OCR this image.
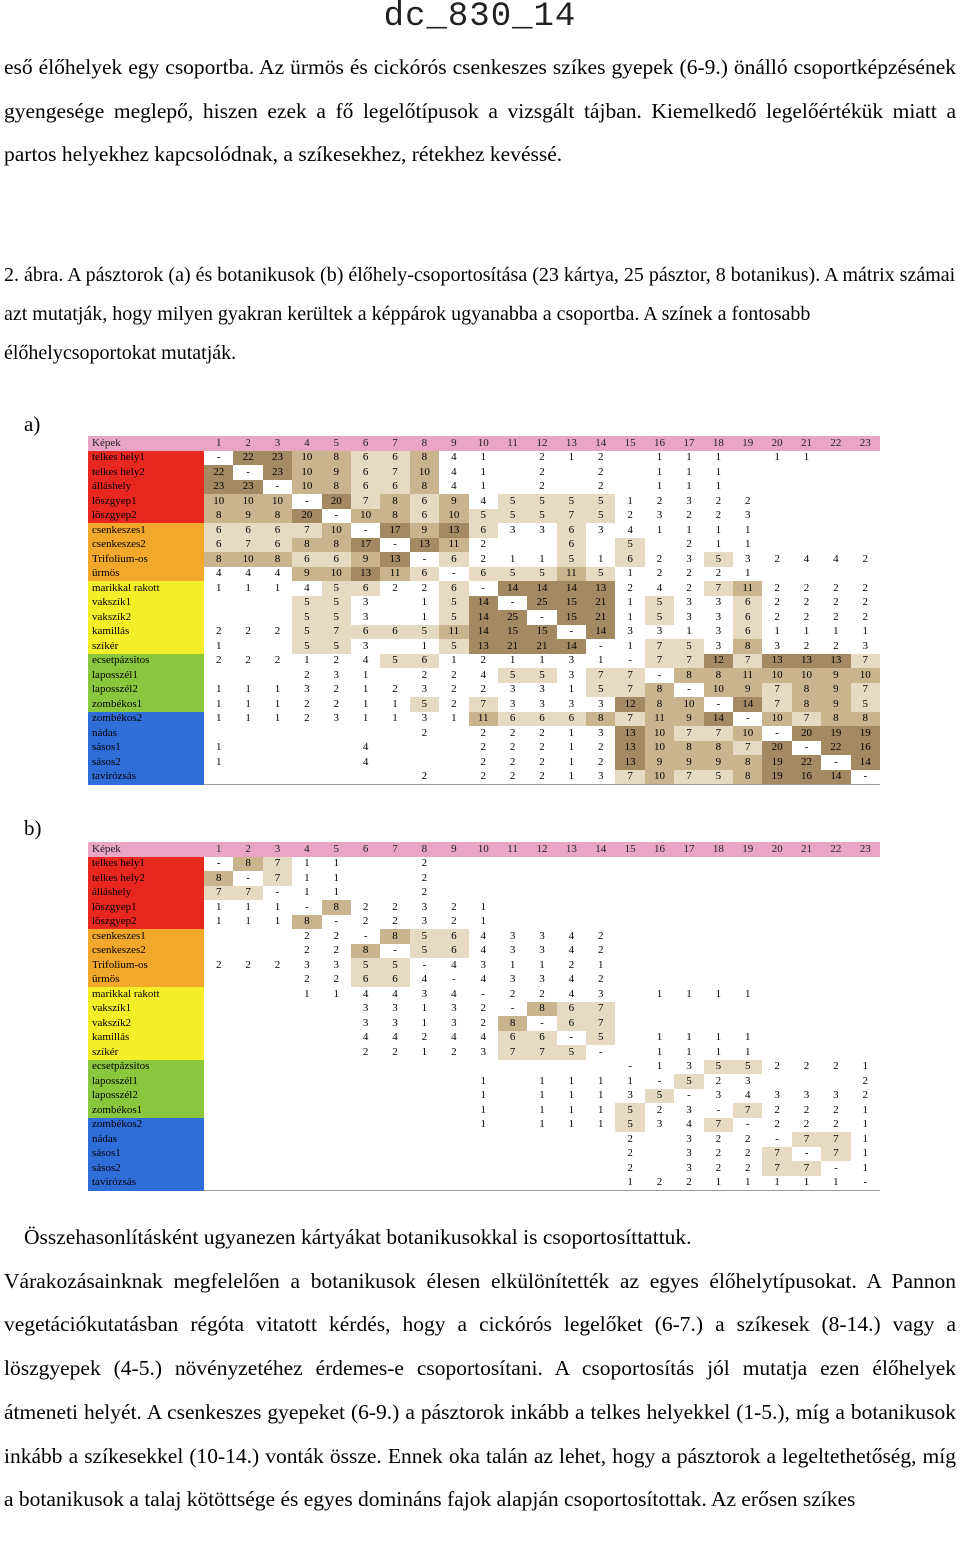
dc_830_14
eső élőhelyek egy csoportba. Az ürmös és cickórós csenkeszes szíkes gyepek (6-9.) önálló csoportképzésének gyengesége meglepő, hiszen ezek a fő legelőtípusok a vizsgált tájban. Kiemelkedő legelőértékük miatt a partos helyekhez kapcsolódnak, a szíkesekhez, rétekhez kevéssé.
2. ábra. A pásztorok (a) és botanikusok (b) élőhely-csoportosítása (23 kártya, 25 pásztor, 8 botanikus). A mátrix számai azt mutatják, hogy milyen gyakran kerültek a képpárok ugyanabba a csoportba. A színek a fontosabb élőhelycsoportokat mutatják.
a)
Képek	1	2	3	4	5	6	7	8	9	10	11	12	13	14	15	16	17	18	19	20	21	22	23
telkes hely1	-	22	23	10	8	6	6	8	4	1		2	1	2		1	1	1		1	1		
telkes hely2	22	-	23	10	9	6	7	10	4	1		2		2		1	1	1					
álláshely	23	23	-	10	8	6	6	8	4	1		2		2		1	1	1					
löszgyep1	10	10	10	-	20	7	8	6	9	4	5	5	5	5	1	2	3	2	2				
löszgyep2	8	9	8	20	-	10	8	6	10	5	5	5	7	5	2	3	2	2	3				
csenkeszes1	6	6	6	7	10	-	17	9	13	6	3	3	6	3	4	1	1	1	1				
csenkeszes2	6	7	6	8	8	17	-	13	11	2			6		5		2	1	1				
Trifolium-os	8	10	8	6	6	9	13	-	6	2	1	1	5	1	6	2	3	5	3	2	4	4	2
ürmös	4	4	4	9	10	13	11	6	-	6	5	5	11	5	1	2	2	2	1				
marikkal rakott	1	1	1	4	5	6	2	2	6	-	14	14	14	13	2	4	2	7	11	2	2	2	2
vakszík1				5	5	3		1	5	14	-	25	15	21	1	5	3	3	6	2	2	2	2
vakszík2				5	5	3		1	5	14	25	-	15	21	1	5	3	3	6	2	2	2	2
kamillás	2	2	2	5	7	6	6	5	11	14	15	15	-	14	3	3	1	3	6	1	1	1	1
szíkér	1			5	5	3		1	5	13	21	21	14	-	1	7	5	3	8	3	2	2	3
ecsetpázsitos	2	2	2	1	2	4	5	6	1	2	1	1	3	1	-	7	7	12	7	13	13	13	7
laposszél1				2	3	1		2	2	4	5	5	3	7	7	-	8	8	11	10	10	9	10
laposszél2	1	1	1	3	2	1	2	3	2	2	3	3	1	5	7	8	-	10	9	7	8	9	7
zombékos1	1	1	1	2	2	1	1	5	2	7	3	3	3	3	12	8	10	-	14	7	8	9	5
zombékos2	1	1	1	2	3	1	1	3	1	11	6	6	6	8	7	11	9	14	-	10	7	8	8
nádas								2		2	2	2	1	3	13	10	7	7	10	-	20	19	19
sásos1	1					4				2	2	2	1	2	13	10	8	8	7	20	-	22	16
sásos2	1					4				2	2	2	1	2	13	9	9	9	8	19	22	-	14
tavirózsás								2		2	2	2	1	3	7	10	7	5	8	19	16	14	-
b)
Képek	1	2	3	4	5	6	7	8	9	10	11	12	13	14	15	16	17	18	19	20	21	22	23
telkes hely1	-	8	7	1	1			2															
telkes hely2	8	-	7	1	1			2															
álláshely	7	7	-	1	1			2															
löszgyep1	1	1	1	-	8	2	2	3	2	1													
löszgyep2	1	1	1	8	-	2	2	3	2	1													
csenkeszes1				2	2	-	8	5	6	4	3	3	4	2									
csenkeszes2				2	2	8	-	5	6	4	3	3	4	2									
Trifolium-os	2	2	2	3	3	5	5	-	4	3	1	1	2	1									
ürmös				2	2	6	6	4	-	4	3	3	4	2									
marikkal rakott				1	1	4	4	3	4	-	2	2	4	3		1	1	1	1				
vakszík1						3	3	1	3	2	-	8	6	7									
vakszík2						3	3	1	3	2	8	-	6	7									
kamillás						4	4	2	4	4	6	6	-	5		1	1	1	1				
szíkér						2	2	1	2	3	7	7	5	-		1	1	1	1				
ecsetpázsitos															-	1	3	5	5	2	2	2	1
laposszél1										1		1	1	1	1	-	5	2	3				2
laposszél2										1		1	1	1	3	5	-	3	4	3	3	3	2
zombékos1										1		1	1	1	5	2	3	-	7	2	2	2	1
zombékos2										1		1	1	1	5	3	4	7	-	2	2	2	1
nádas															2		3	2	2	-	7	7	1
sásos1															2		3	2	2	7	-	7	1
sásos2															2		3	2	2	7	7	-	1
tavirózsás															1	2	2	1	1	1	1	1	-
Összehasonlításként ugyanezen kártyákat botanikusokkal is csoportosíttattuk.
Várakozásainknak megfelelően a botanikusok élesen elkülönítették az egyes élőhelytípusokat. A Pannon vegetációkutatásban régóta vitatott kérdés, hogy a cickórós legelőket (6-7.) a szíkesek (8-14.) vagy a löszgyepek (4-5.) növényzetéhez érdemes-e csoportosítani. A csoportosítás jól mutatja ezen élőhelyek átmeneti helyét. A csenkeszes gyepeket (6-9.) a pásztorok inkább a telkes helyekkel (1-5.), míg a botanikusok inkább a szíkesekkel (10-14.) vonták össze. Ennek oka talán az lehet, hogy a pásztorok a legeltethetőség, míg a botanikusok a talaj kötöttsége és egyes domináns fajok alapján csoportosítottak. Az erősen szíkes
